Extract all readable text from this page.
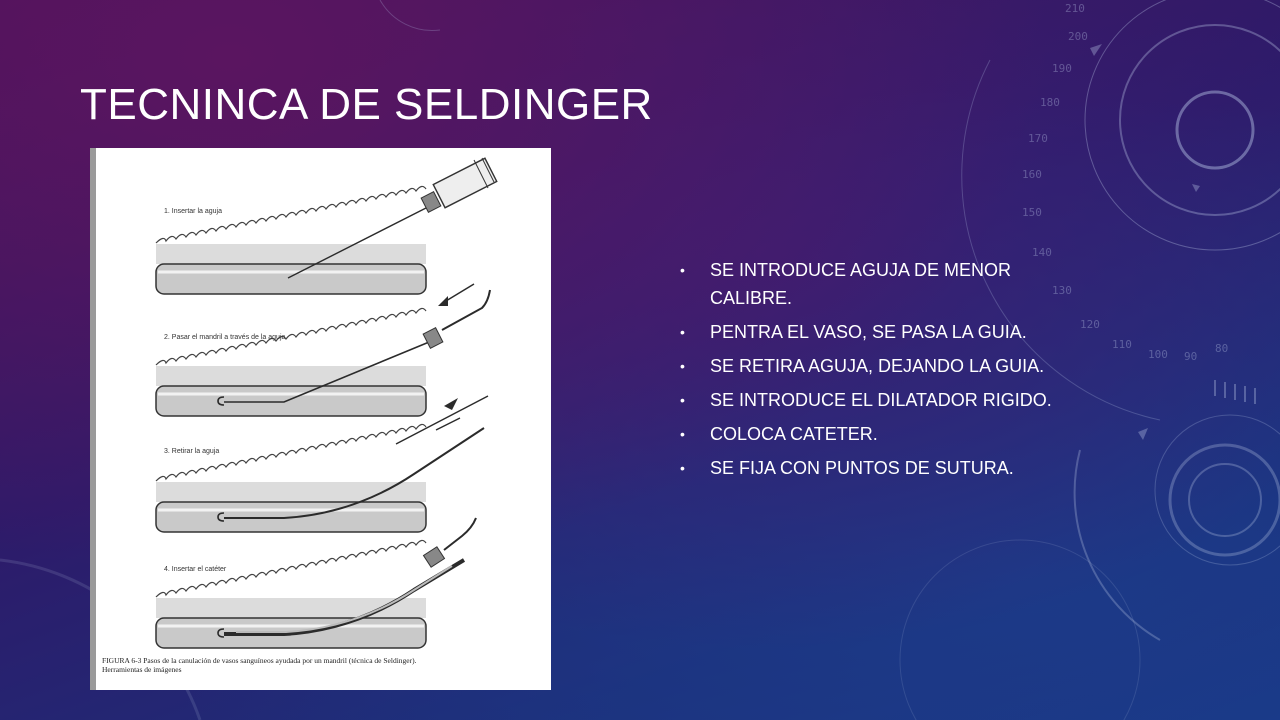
210
200
190
180
170
160
150
140
130
120
110
100 90
80
TECNINCA DE SELDINGER
1. Insertar la aguja
2. Pasar el mandril a través de la aguja
3. Retirar la aguja
4. Insertar el catéter
FIGURA 6-3 Pasos de la canulación de vasos sanguíneos ayudada por un mandril (técnica de Seldinger).
Herramientas de imágenes
• SE INTRODUCE AGUJA DE MENOR CALIBRE.
• PENTRA EL VASO, SE PASA LA GUIA.
• SE RETIRA AGUJA, DEJANDO LA GUIA.
• SE INTRODUCE EL DILATADOR RIGIDO.
• COLOCA CATETER.
• SE FIJA CON PUNTOS DE SUTURA.
